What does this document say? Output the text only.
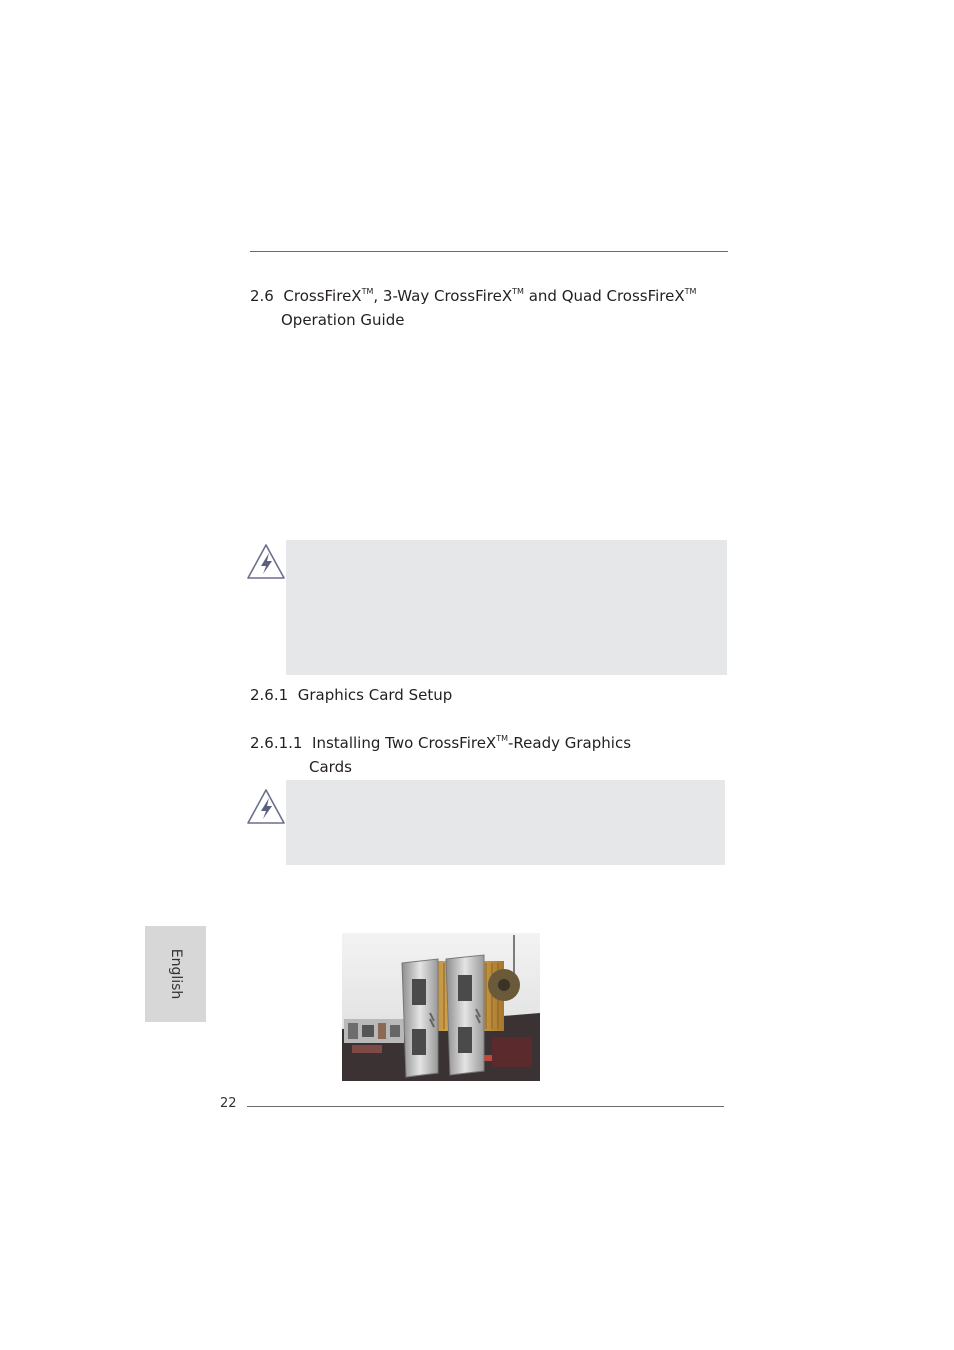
2.6 CrossFireX™, 3-Way CrossFireX™ and Quad CrossFireX™
Operation Guide
2.6.1 Graphics Card Setup
2.6.1.1 Installing Two CrossFireX™-Ready Graphics
Cards
English
22
